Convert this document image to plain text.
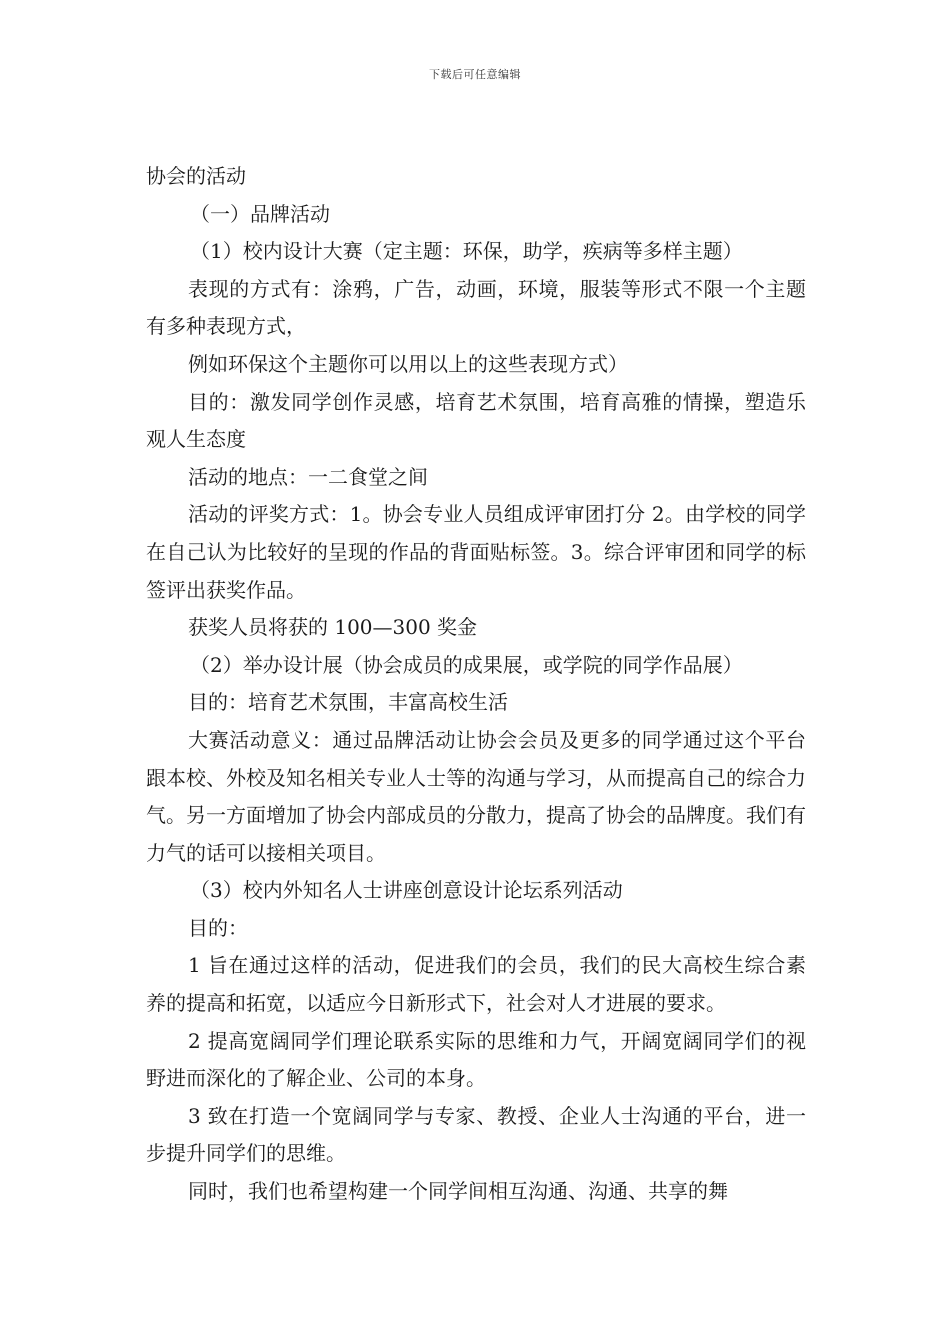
下载后可任意编辑

协会的活动

（一）品牌活动

（1）校内设计大赛（定主题：环保，助学，疾病等多样主题）

表现的方式有：涂鸦，广告，动画，环境，服装等形式不限一个主题有多种表现方式，

例如环保这个主题你可以用以上的这些表现方式）

目的：激发同学创作灵感，培育艺术氛围，培育高雅的情操，塑造乐观人生态度

活动的地点：一二食堂之间

活动的评奖方式：1。协会专业人员组成评审团打分 2。由学校的同学在自己认为比较好的呈现的作品的背面贴标签。3。综合评审团和同学的标签评出获奖作品。

获奖人员将获的 100—300 奖金

（2）举办设计展（协会成员的成果展，或学院的同学作品展）

目的：培育艺术氛围，丰富高校生活

大赛活动意义：通过品牌活动让协会会员及更多的同学通过这个平台跟本校、外校及知名相关专业人士等的沟通与学习，从而提高自己的综合力气。另一方面增加了协会内部成员的分散力，提高了协会的品牌度。我们有力气的话可以接相关项目。

（3）校内外知名人士讲座创意设计论坛系列活动

目的：

1 旨在通过这样的活动，促进我们的会员，我们的民大高校生综合素养的提高和拓宽，以适应今日新形式下，社会对人才进展的要求。

2 提高宽阔同学们理论联系实际的思维和力气，开阔宽阔同学们的视野进而深化的了解企业、公司的本身。

3 致在打造一个宽阔同学与专家、教授、企业人士沟通的平台，进一步提升同学们的思维。

同时，我们也希望构建一个同学间相互沟通、沟通、共享的舞
